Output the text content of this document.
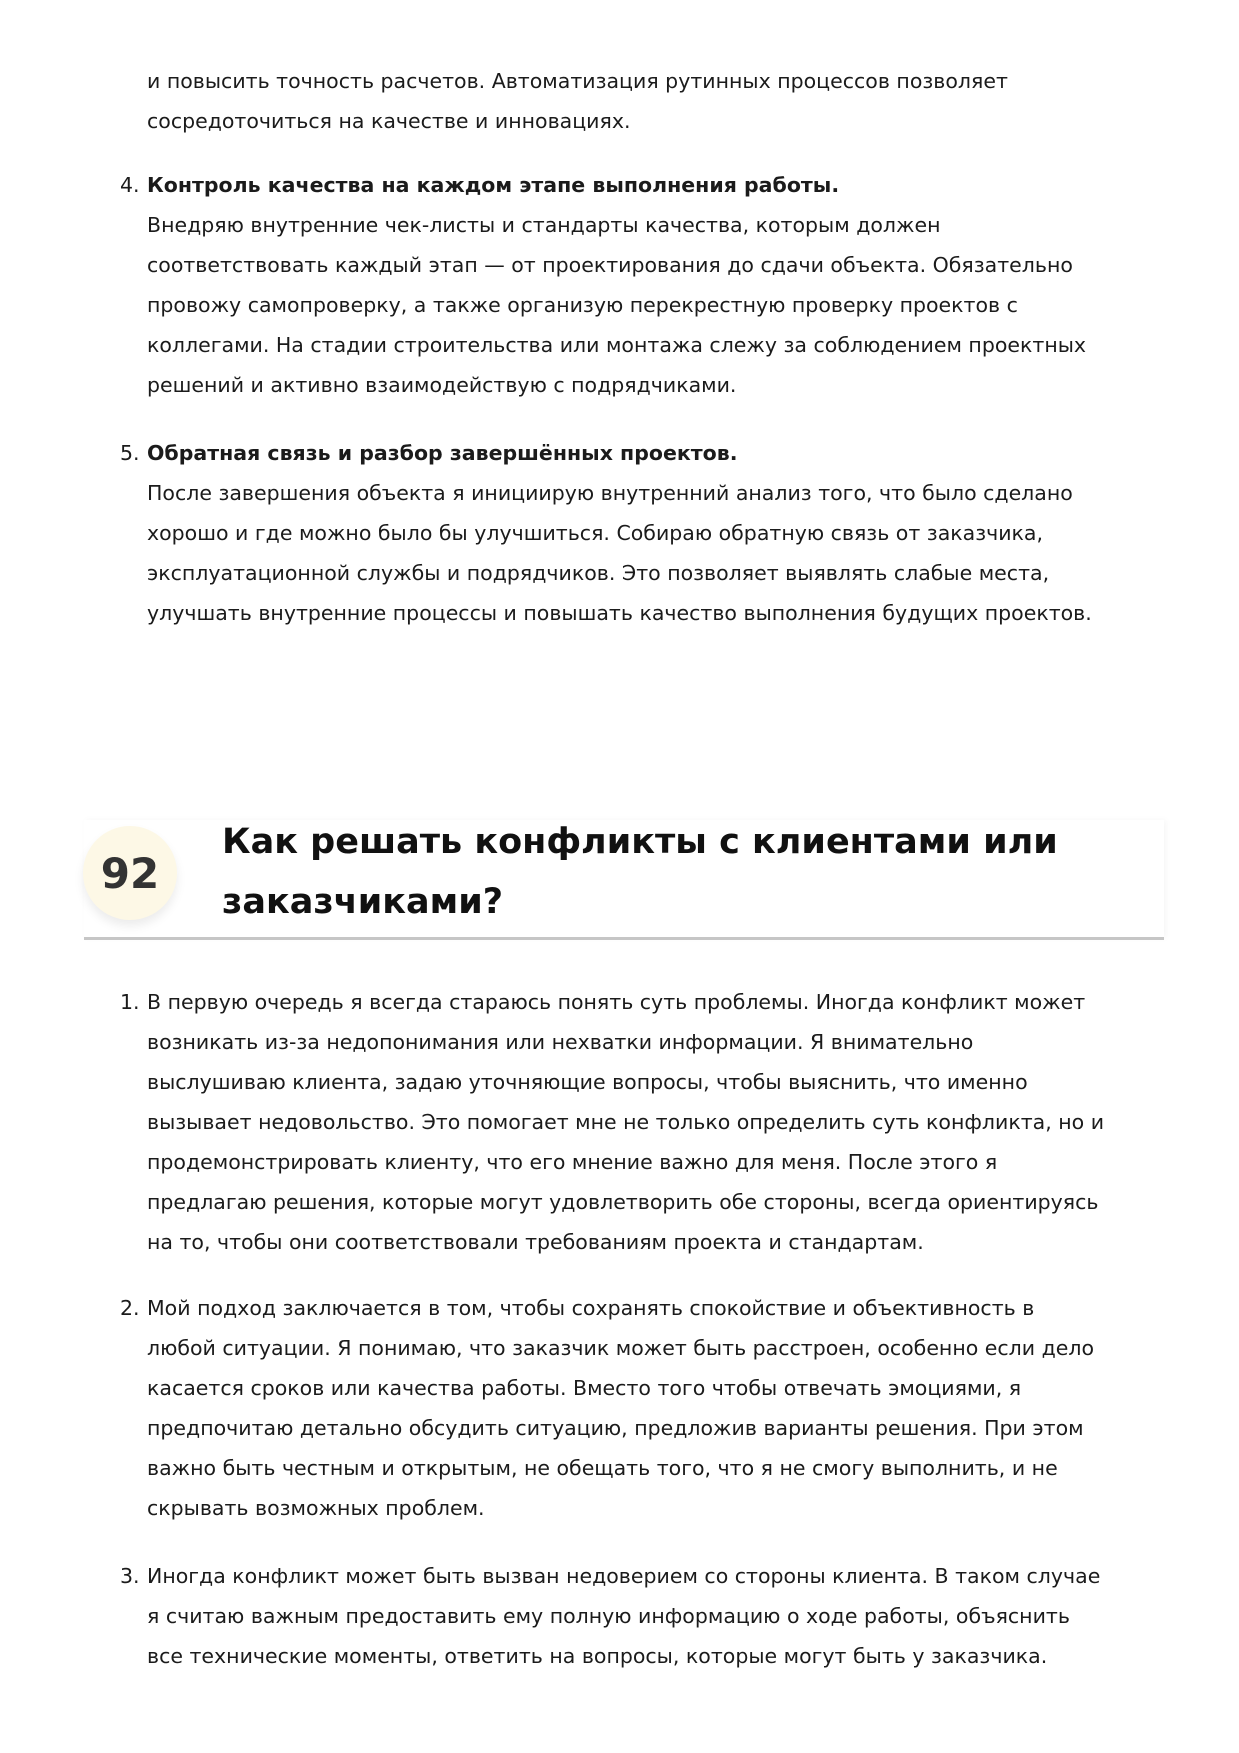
и повысить точность расчетов. Автоматизация рутинных процессов позволяет
сосредоточиться на качестве и инновациях.
4. Контроль качества на каждом этапе выполнения работы.
Внедряю внутренние чек-листы и стандарты качества, которым должен
соответствовать каждый этап — от проектирования до сдачи объекта. Обязательно
провожу самопроверку, а также организую перекрестную проверку проектов с
коллегами. На стадии строительства или монтажа слежу за соблюдением проектных
решений и активно взаимодействую с подрядчиками.
5. Обратная связь и разбор завершённых проектов.
После завершения объекта я инициирую внутренний анализ того, что было сделано
хорошо и где можно было бы улучшиться. Собираю обратную связь от заказчика,
эксплуатационной службы и подрядчиков. Это позволяет выявлять слабые места,
улучшать внутренние процессы и повышать качество выполнения будущих проектов.
92
Как решать конфликты с клиентами или
заказчиками?
1. В первую очередь я всегда стараюсь понять суть проблемы. Иногда конфликт может
возникать из-за недопонимания или нехватки информации. Я внимательно
выслушиваю клиента, задаю уточняющие вопросы, чтобы выяснить, что именно
вызывает недовольство. Это помогает мне не только определить суть конфликта, но и
продемонстрировать клиенту, что его мнение важно для меня. После этого я
предлагаю решения, которые могут удовлетворить обе стороны, всегда ориентируясь
на то, чтобы они соответствовали требованиям проекта и стандартам.
2. Мой подход заключается в том, чтобы сохранять спокойствие и объективность в
любой ситуации. Я понимаю, что заказчик может быть расстроен, особенно если дело
касается сроков или качества работы. Вместо того чтобы отвечать эмоциями, я
предпочитаю детально обсудить ситуацию, предложив варианты решения. При этом
важно быть честным и открытым, не обещать того, что я не смогу выполнить, и не
скрывать возможных проблем.
3. Иногда конфликт может быть вызван недоверием со стороны клиента. В таком случае
я считаю важным предоставить ему полную информацию о ходе работы, объяснить
все технические моменты, ответить на вопросы, которые могут быть у заказчика.
